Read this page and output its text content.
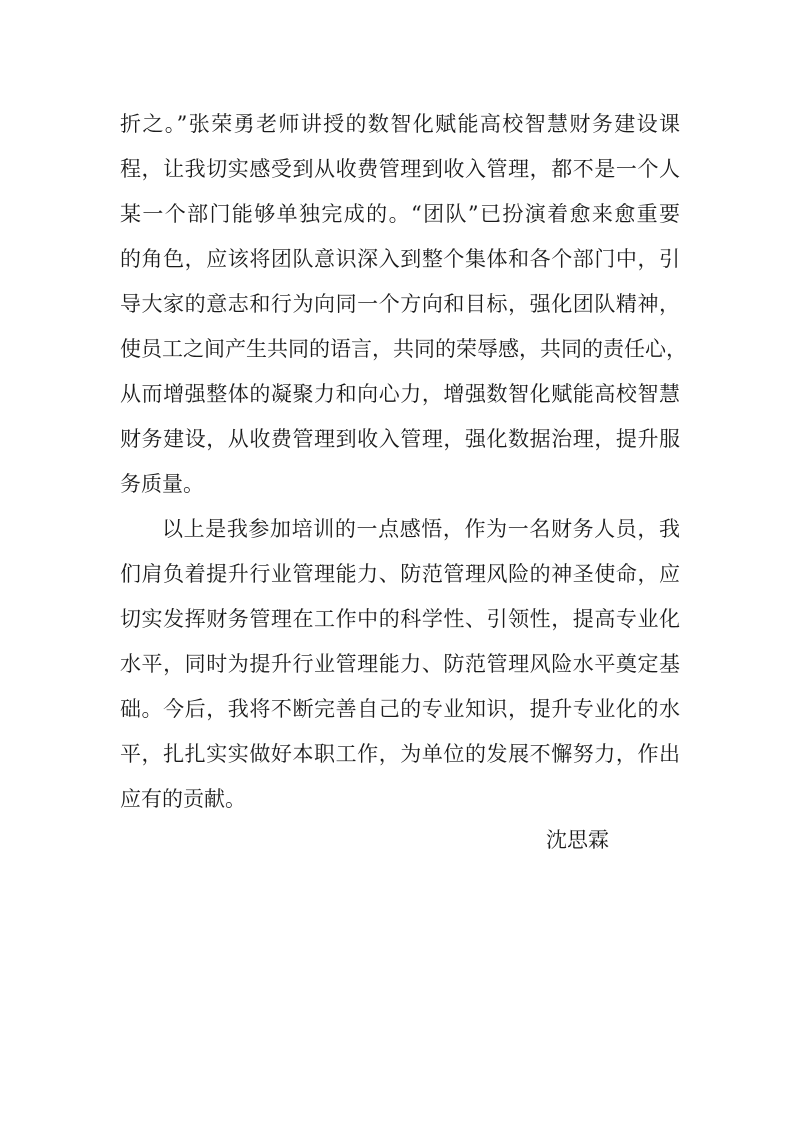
折之。”张荣勇老师讲授的数智化赋能高校智慧财务建设课
程，让我切实感受到从收费管理到收入管理，都不是一个人
某一个部门能够单独完成的。“团队”已扮演着愈来愈重要
的角色，应该将团队意识深入到整个集体和各个部门中，引
导大家的意志和行为向同一个方向和目标，强化团队精神，
使员工之间产生共同的语言，共同的荣辱感，共同的责任心，
从而增强整体的凝聚力和向心力，增强数智化赋能高校智慧
财务建设，从收费管理到收入管理，强化数据治理，提升服
务质量。
以上是我参加培训的一点感悟，作为一名财务人员，我
们肩负着提升行业管理能力、防范管理风险的神圣使命，应
切实发挥财务管理在工作中的科学性、引领性，提高专业化
水平，同时为提升行业管理能力、防范管理风险水平奠定基
础。今后，我将不断完善自己的专业知识，提升专业化的水
平，扎扎实实做好本职工作，为单位的发展不懈努力，作出
应有的贡献。
沈思霖
